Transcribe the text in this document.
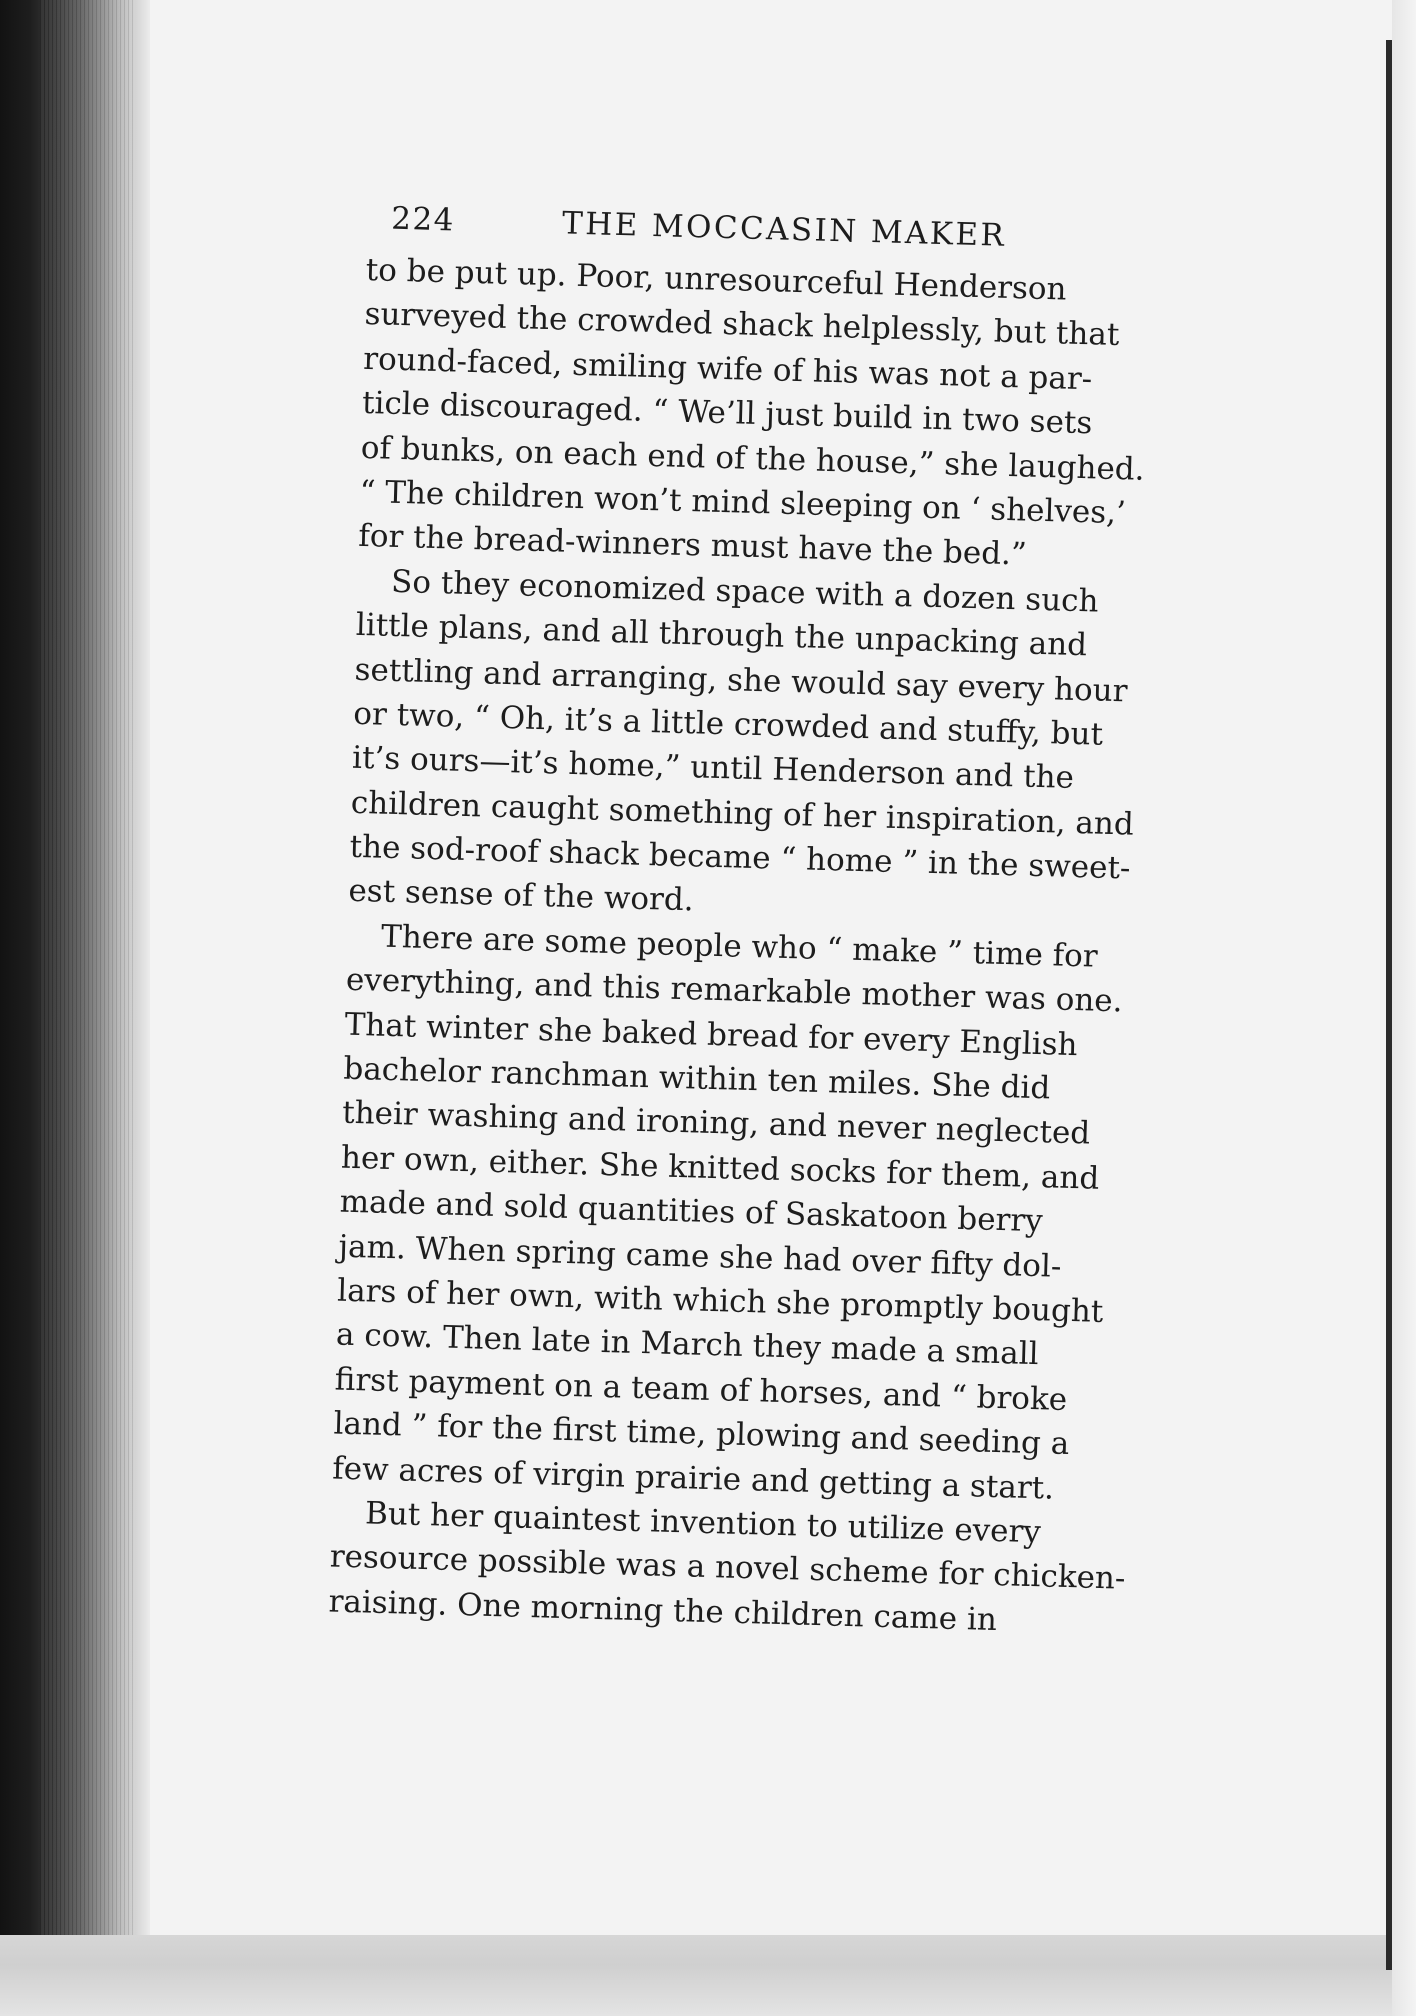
224	THE MOCCASIN MAKER
to be put up. Poor, unresourceful Henderson
surveyed the crowded shack helplessly, but that
round-faced, smiling wife of his was not a par-
ticle discouraged. “ We’ll just build in two sets
of bunks, on each end of the house,” she laughed.
“ The children won’t mind sleeping on ‘ shelves,’
for the bread-winners must have the bed.”
So they economized space with a dozen such
little plans, and all through the unpacking and
settling and arranging, she would say every hour
or two, “ Oh, it’s a little crowded and stuffy, but
it’s ours—it’s home,” until Henderson and the
children caught something of her inspiration, and
the sod-roof shack became “ home ” in the sweet-
est sense of the word.
There are some people who “ make ” time for
everything, and this remarkable mother was one.
That winter she baked bread for every English
bachelor ranchman within ten miles. She did
their washing and ironing, and never neglected
her own, either. She knitted socks for them, and
made and sold quantities of Saskatoon berry
jam. When spring came she had over fifty dol-
lars of her own, with which she promptly bought
a cow. Then late in March they made a small
first payment on a team of horses, and “ broke
land ” for the first time, plowing and seeding a
few acres of virgin prairie and getting a start.
But her quaintest invention to utilize every
resource possible was a novel scheme for chicken-
raising. One morning the children came in
